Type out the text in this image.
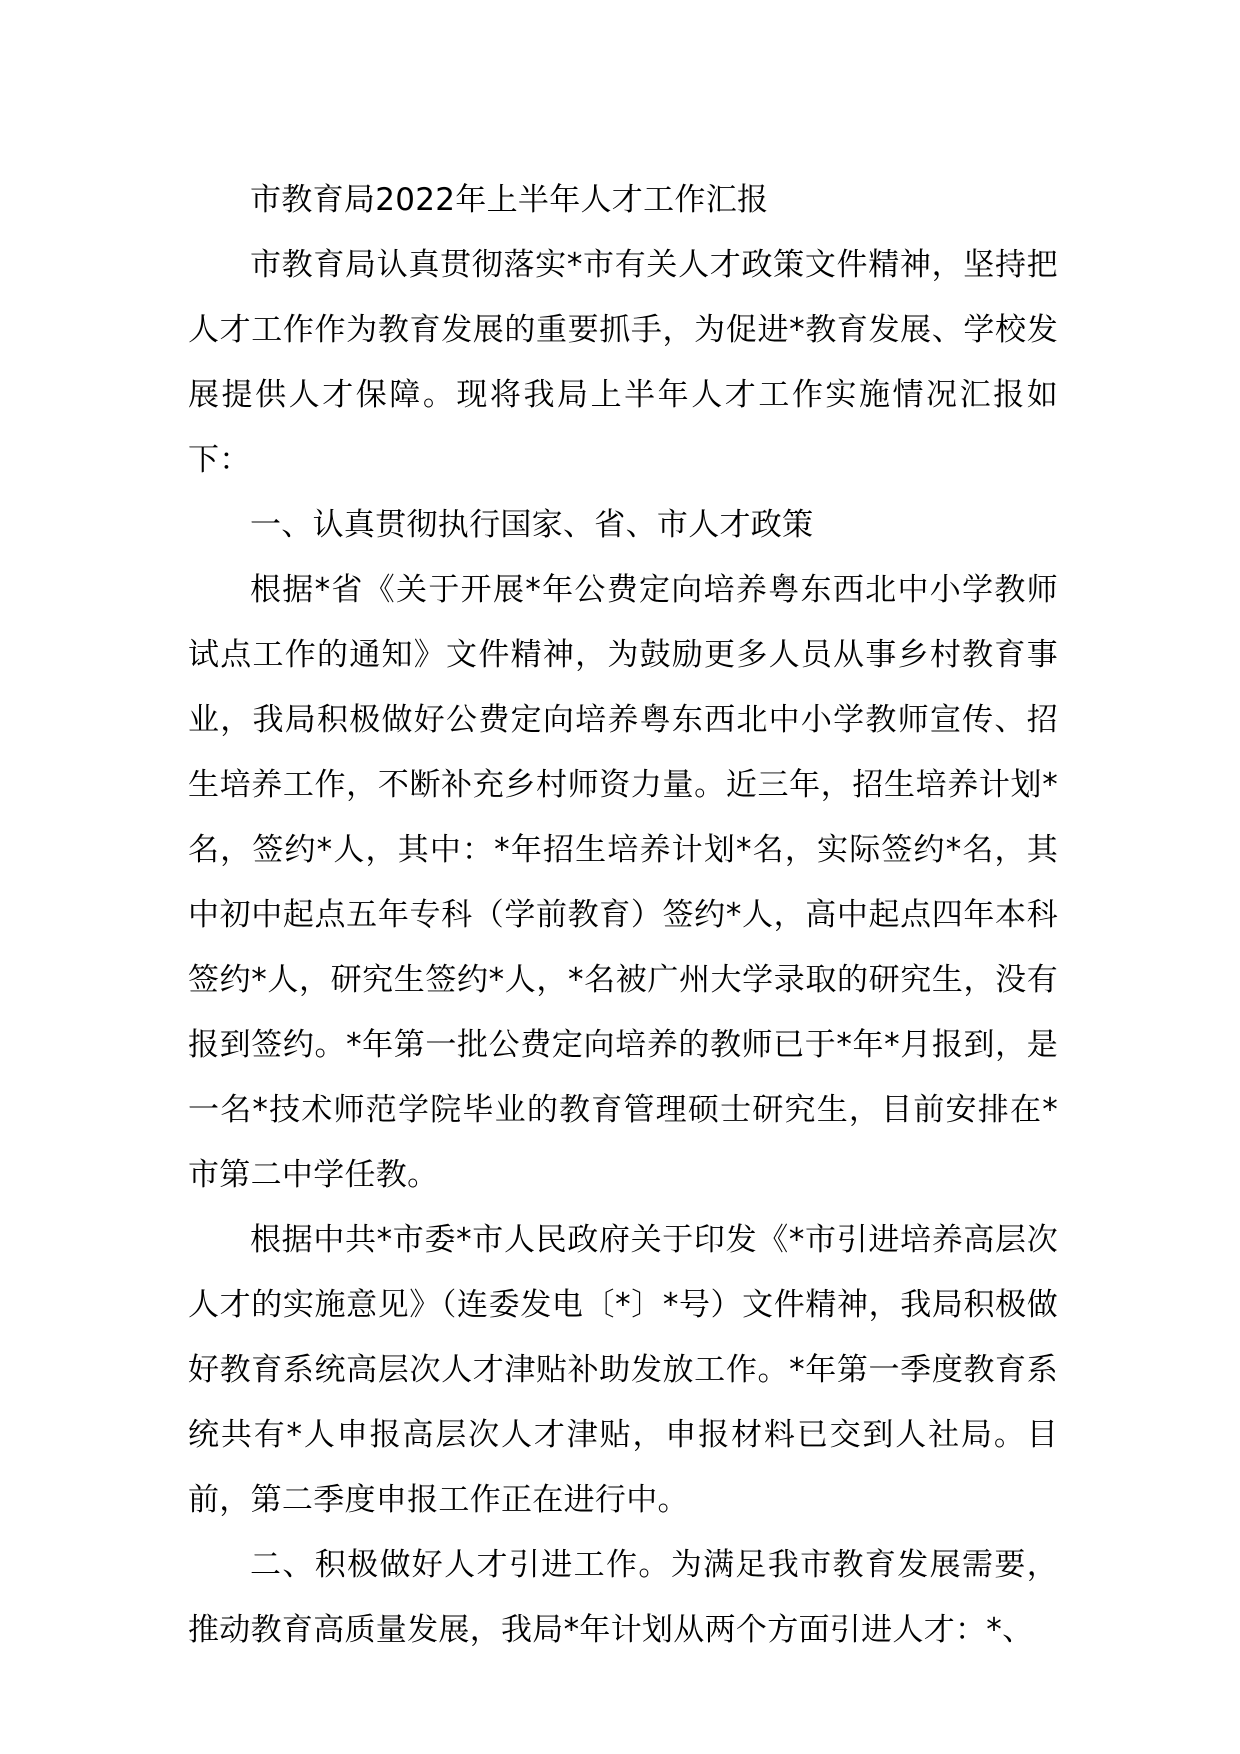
市教育局2022年上半年人才工作汇报

市教育局认真贯彻落实*市有关人才政策文件精神，坚持把人才工作作为教育发展的重要抓手，为促进*教育发展、学校发展提供人才保障。现将我局上半年人才工作实施情况汇报如下：

一、认真贯彻执行国家、省、市人才政策

根据*省《关于开展*年公费定向培养粤东西北中小学教师试点工作的通知》文件精神，为鼓励更多人员从事乡村教育事业，我局积极做好公费定向培养粤东西北中小学教师宣传、招生培养工作，不断补充乡村师资力量。近三年，招生培养计划*名，签约*人，其中：*年招生培养计划*名，实际签约*名，其中初中起点五年专科（学前教育）签约*人，高中起点四年本科签约*人，研究生签约*人，*名被广州大学录取的研究生，没有报到签约。*年第一批公费定向培养的教师已于*年*月报到，是一名*技术师范学院毕业的教育管理硕士研究生，目前安排在*市第二中学任教。

根据中共*市委*市人民政府关于印发《*市引进培养高层次人才的实施意见》（连委发电〔*〕*号）文件精神，我局积极做好教育系统高层次人才津贴补助发放工作。*年第一季度教育系统共有*人申报高层次人才津贴，申报材料已交到人社局。目前，第二季度申报工作正在进行中。

二、积极做好人才引进工作。为满足我市教育发展需要，推动教育高质量发展，我局*年计划从两个方面引进人才：*、
